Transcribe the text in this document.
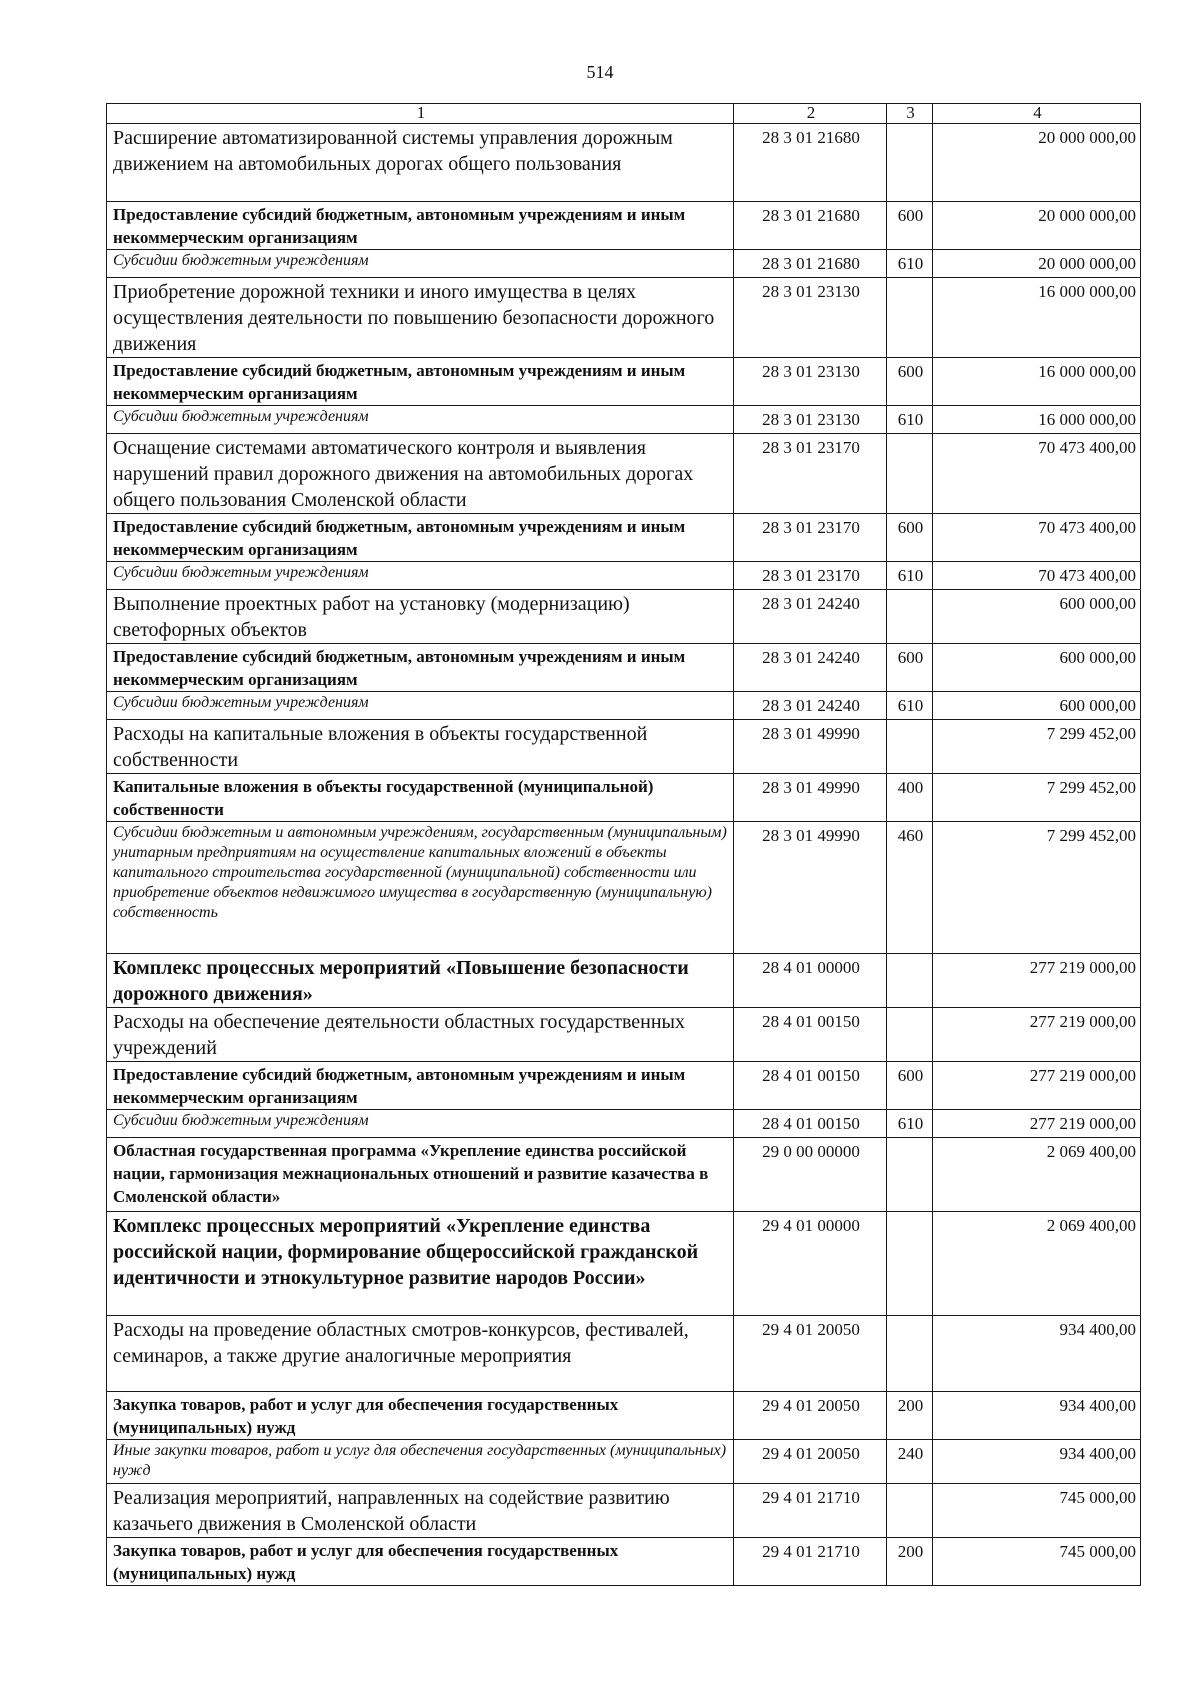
514
1	2	3	4
Расширение автоматизированной системы управления дорожным движением на автомобильных дорогах общего пользования	28 3 01 21680		20 000 000,00
Предоставление субсидий бюджетным, автономным учреждениям и иным некоммерческим организациям	28 3 01 21680	600	20 000 000,00
Субсидии бюджетным учреждениям	28 3 01 21680	610	20 000 000,00
Приобретение дорожной техники и иного имущества в целях осуществления деятельности по повышению безопасности дорожного движения	28 3 01 23130		16 000 000,00
Предоставление субсидий бюджетным, автономным учреждениям и иным некоммерческим организациям	28 3 01 23130	600	16 000 000,00
Субсидии бюджетным учреждениям	28 3 01 23130	610	16 000 000,00
Оснащение системами автоматического контроля и выявления нарушений правил дорожного движения на автомобильных дорогах общего пользования Смоленской области	28 3 01 23170		70 473 400,00
Предоставление субсидий бюджетным, автономным учреждениям и иным некоммерческим организациям	28 3 01 23170	600	70 473 400,00
Субсидии бюджетным учреждениям	28 3 01 23170	610	70 473 400,00
Выполнение проектных работ на установку (модернизацию) светофорных объектов	28 3 01 24240		600 000,00
Предоставление субсидий бюджетным, автономным учреждениям и иным некоммерческим организациям	28 3 01 24240	600	600 000,00
Субсидии бюджетным учреждениям	28 3 01 24240	610	600 000,00
Расходы на капитальные вложения в объекты государственной собственности	28 3 01 49990		7 299 452,00
Капитальные вложения в объекты государственной (муниципальной) собственности	28 3 01 49990	400	7 299 452,00
Субсидии бюджетным и автономным учреждениям, государственным (муниципальным) унитарным предприятиям на осуществление капитальных вложений в объекты капитального строительства государственной (муниципальной) собственности или приобретение объектов недвижимого имущества в государственную (муниципальную) собственность	28 3 01 49990	460	7 299 452,00
Комплекс процессных мероприятий «Повышение безопасности дорожного движения»	28 4 01 00000		277 219 000,00
Расходы на обеспечение деятельности областных государственных учреждений	28 4 01 00150		277 219 000,00
Предоставление субсидий бюджетным, автономным учреждениям и иным некоммерческим организациям	28 4 01 00150	600	277 219 000,00
Субсидии бюджетным учреждениям	28 4 01 00150	610	277 219 000,00
Областная государственная программа «Укрепление единства российской нации, гармонизация межнациональных отношений и развитие казачества в Смоленской области»	29 0 00 00000		2 069 400,00
Комплекс процессных мероприятий «Укрепление единства российской нации, формирование общероссийской гражданской идентичности и этнокультурное развитие народов России»	29 4 01 00000		2 069 400,00
Расходы на проведение областных смотров-конкурсов, фестивалей, семинаров, а также другие аналогичные мероприятия	29 4 01 20050		934 400,00
Закупка товаров, работ и услуг для обеспечения государственных (муниципальных) нужд	29 4 01 20050	200	934 400,00
Иные закупки товаров, работ и услуг для обеспечения государственных (муниципальных) нужд	29 4 01 20050	240	934 400,00
Реализация мероприятий, направленных на содействие развитию казачьего движения в Смоленской области	29 4 01 21710		745 000,00
Закупка товаров, работ и услуг для обеспечения государственных (муниципальных) нужд	29 4 01 21710	200	745 000,00
